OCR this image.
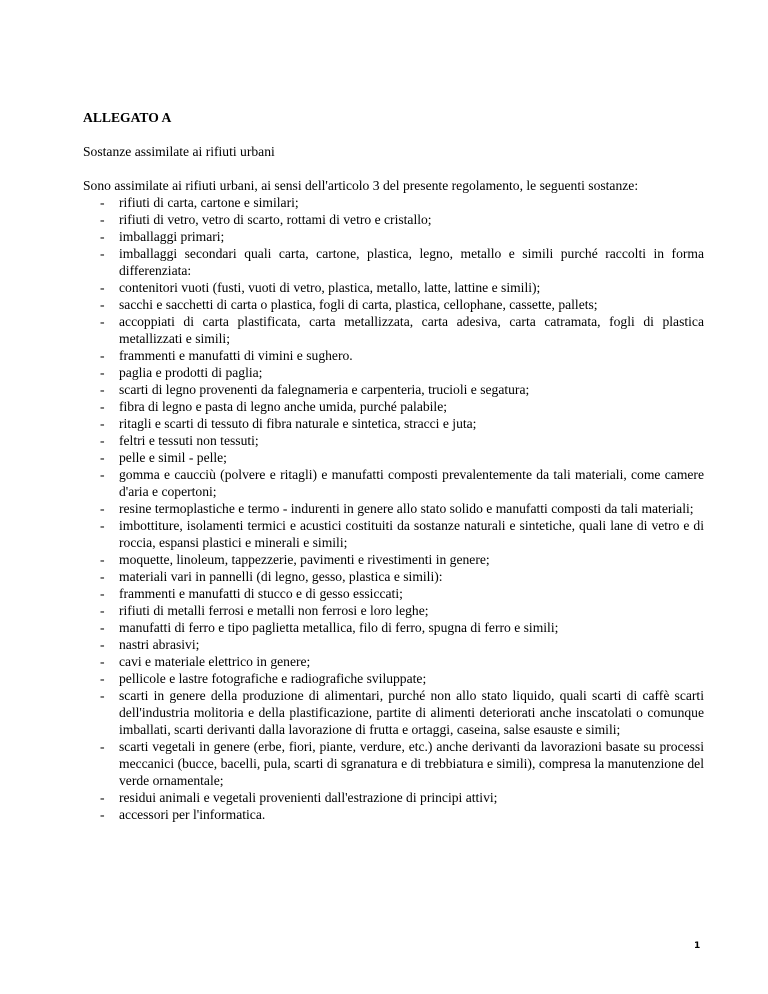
ALLEGATO A
Sostanze assimilate ai rifiuti urbani
Sono assimilate ai rifiuti urbani, ai sensi dell'articolo 3 del presente regolamento, le seguenti sostanze:
- rifiuti di carta, cartone e similari;
- rifiuti di vetro, vetro di scarto, rottami di vetro e cristallo;
- imballaggi primari;
- imballaggi secondari quali carta, cartone, plastica, legno, metallo e simili purché raccolti in forma differenziata:
- contenitori vuoti (fusti, vuoti di vetro, plastica, metallo, latte, lattine e simili);
- sacchi e sacchetti di carta o plastica, fogli di carta, plastica, cellophane, cassette, pallets;
- accoppiati di carta plastificata, carta metallizzata, carta adesiva, carta catramata, fogli di plastica metallizzati e simili;
- frammenti e manufatti di vimini e sughero.
- paglia e prodotti di paglia;
- scarti di legno provenenti da falegnameria e carpenteria, trucioli e segatura;
- fibra di legno e pasta di legno anche umida, purché palabile;
- ritagli e scarti di tessuto di fibra naturale e sintetica, stracci e juta;
- feltri e tessuti non tessuti;
- pelle e simil - pelle;
- gomma e caucciù (polvere e ritagli) e manufatti composti prevalentemente da tali materiali, come camere d'aria e copertoni;
- resine termoplastiche e termo - indurenti in genere allo stato solido e manufatti composti da tali materiali;
- imbottiture, isolamenti termici e acustici costituiti da sostanze naturali e sintetiche, quali lane di vetro e di roccia, espansi plastici e minerali e simili;
- moquette, linoleum, tappezzerie, pavimenti e rivestimenti in genere;
- materiali vari in pannelli (di legno, gesso, plastica e simili):
- frammenti e manufatti di stucco e di gesso essiccati;
- rifiuti di metalli ferrosi e metalli non ferrosi e loro leghe;
- manufatti di ferro e tipo paglietta metallica, filo di ferro, spugna di ferro e simili;
- nastri abrasivi;
- cavi e materiale elettrico in genere;
- pellicole e lastre fotografiche e radiografiche sviluppate;
- scarti in genere della produzione di alimentari, purché non allo stato liquido, quali scarti di caffè scarti dell'industria molitoria e della plastificazione, partite di alimenti deteriorati anche inscatolati o comunque imballati, scarti derivanti dalla lavorazione di frutta e ortaggi, caseina, salse esauste e simili;
- scarti vegetali in genere (erbe, fiori, piante, verdure, etc.) anche derivanti da lavorazioni basate su processi meccanici (bucce, bacelli, pula, scarti di sgranatura e di trebbiatura e simili), compresa la manutenzione del verde ornamentale;
- residui animali e vegetali provenienti dall'estrazione di principi attivi;
- accessori per l'informatica.
1
